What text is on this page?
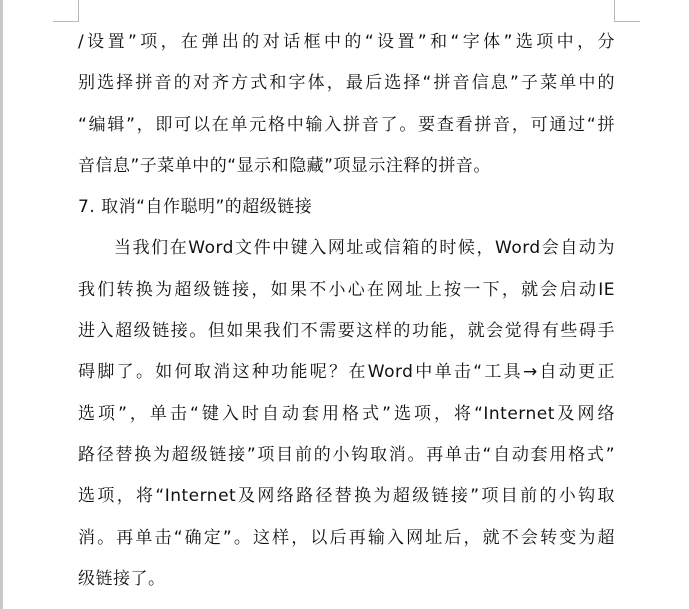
/设置”项，在弹出的对话框中的“设置”和“字体”选项中，分
别选择拼音的对齐方式和字体，最后选择“拼音信息”子菜单中的
“编辑”，即可以在单元格中输入拼音了。要查看拼音，可通过“拼
音信息”子菜单中的“显示和隐藏”项显示注释的拼音。
7. 取消“自作聪明”的超级链接
当我们在Word文件中键入网址或信箱的时候，Word会自动为
我们转换为超级链接，如果不小心在网址上按一下，就会启动IE
进入超级链接。但如果我们不需要这样的功能，就会觉得有些碍手
碍脚了。如何取消这种功能呢？在Word中单击“工具→自动更正
选项”，单击“键入时自动套用格式”选项，将“Internet及网络
路径替换为超级链接”项目前的小钩取消。再单击“自动套用格式”
选项，将“Internet及网络路径替换为超级链接”项目前的小钩取
消。再单击“确定”。这样，以后再输入网址后，就不会转变为超
级链接了。
